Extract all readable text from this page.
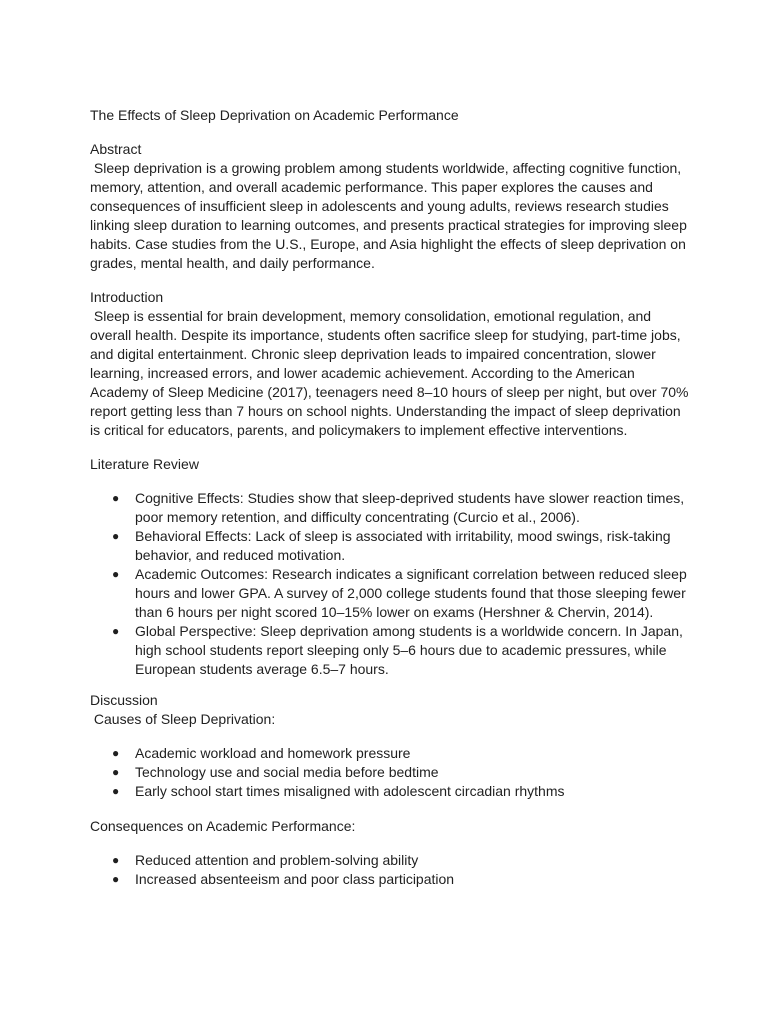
The Effects of Sleep Deprivation on Academic Performance

Abstract

Sleep deprivation is a growing problem among students worldwide, affecting cognitive function, memory, attention, and overall academic performance. This paper explores the causes and consequences of insufficient sleep in adolescents and young adults, reviews research studies linking sleep duration to learning outcomes, and presents practical strategies for improving sleep habits. Case studies from the U.S., Europe, and Asia highlight the effects of sleep deprivation on grades, mental health, and daily performance.

Introduction

Sleep is essential for brain development, memory consolidation, emotional regulation, and overall health. Despite its importance, students often sacrifice sleep for studying, part-time jobs, and digital entertainment. Chronic sleep deprivation leads to impaired concentration, slower learning, increased errors, and lower academic achievement. According to the American Academy of Sleep Medicine (2017), teenagers need 8–10 hours of sleep per night, but over 70% report getting less than 7 hours on school nights. Understanding the impact of sleep deprivation is critical for educators, parents, and policymakers to implement effective interventions.

Literature Review

● Cognitive Effects: Studies show that sleep-deprived students have slower reaction times, poor memory retention, and difficulty concentrating (Curcio et al., 2006).
● Behavioral Effects: Lack of sleep is associated with irritability, mood swings, risk-taking behavior, and reduced motivation.
● Academic Outcomes: Research indicates a significant correlation between reduced sleep hours and lower GPA. A survey of 2,000 college students found that those sleeping fewer than 6 hours per night scored 10–15% lower on exams (Hershner & Chervin, 2014).
● Global Perspective: Sleep deprivation among students is a worldwide concern. In Japan, high school students report sleeping only 5–6 hours due to academic pressures, while European students average 6.5–7 hours.

Discussion

Causes of Sleep Deprivation:

● Academic workload and homework pressure
● Technology use and social media before bedtime
● Early school start times misaligned with adolescent circadian rhythms

Consequences on Academic Performance:

● Reduced attention and problem-solving ability
● Increased absenteeism and poor class participation
